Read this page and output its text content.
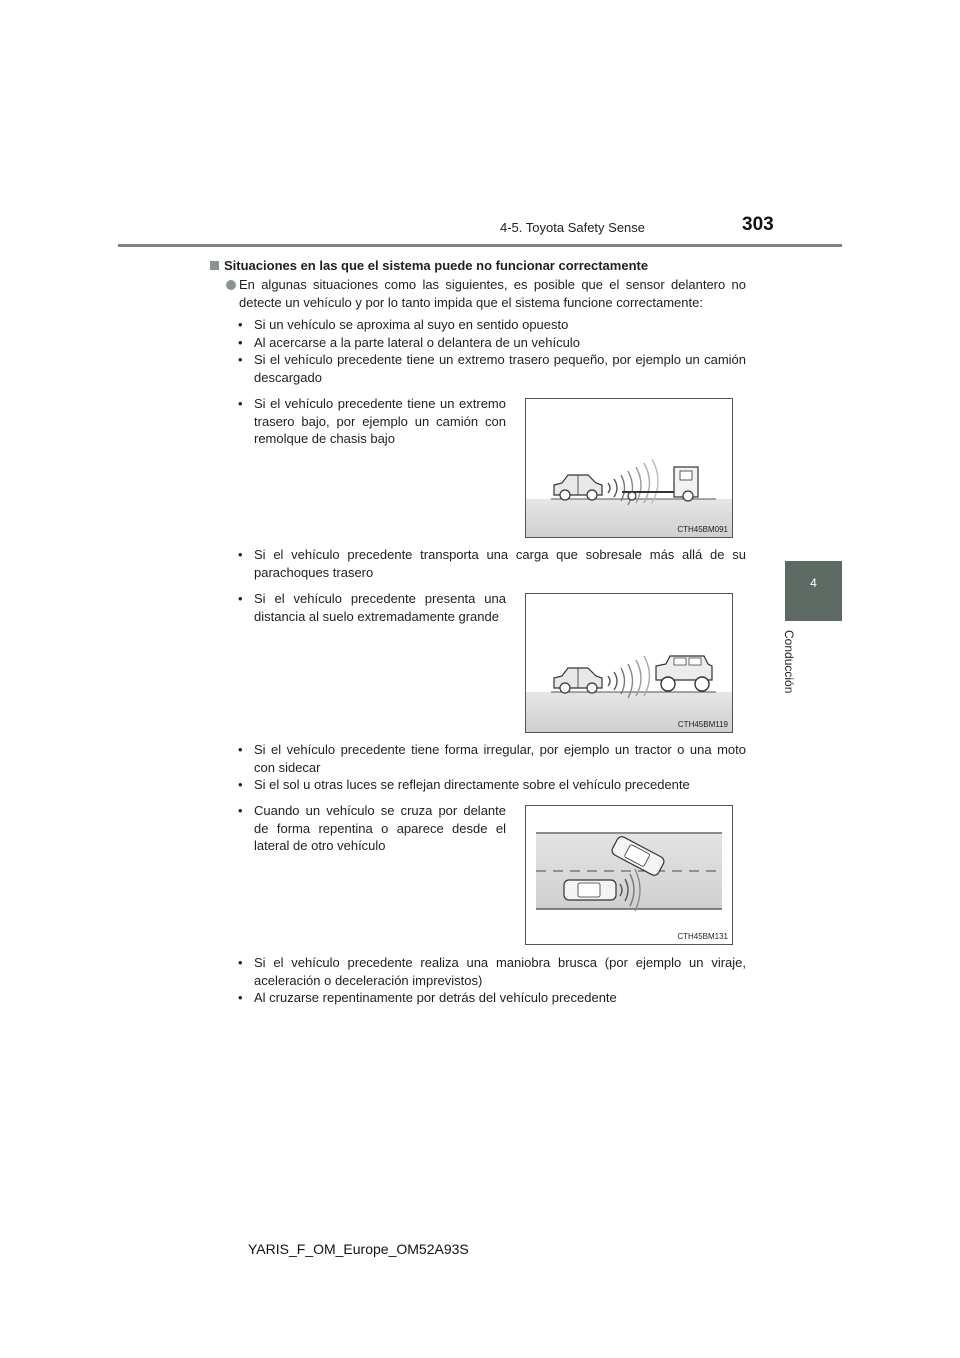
4-5. Toyota Safety Sense	303
4
Conducción
Situaciones en las que el sistema puede no funcionar correctamente
En algunas situaciones como las siguientes, es posible que el sensor delantero no detecte un vehículo y por lo tanto impida que el sistema funcione correctamente:
• Si un vehículo se aproxima al suyo en sentido opuesto
• Al acercarse a la parte lateral o delantera de un vehículo
• Si el vehículo precedente tiene un extremo trasero pequeño, por ejemplo un camión descargado
• Si el vehículo precedente tiene un extremo trasero bajo, por ejemplo un camión con remolque de chasis bajo
CTH45BM091
• Si el vehículo precedente transporta una carga que sobresale más allá de su parachoques trasero
• Si el vehículo precedente presenta una distancia al suelo extremadamente grande
CTH45BM119
• Si el vehículo precedente tiene forma irregular, por ejemplo un tractor o una moto con sidecar
• Si el sol u otras luces se reflejan directamente sobre el vehículo precedente
• Cuando un vehículo se cruza por delante de forma repentina o aparece desde el lateral de otro vehículo
CTH45BM131
• Si el vehículo precedente realiza una maniobra brusca (por ejemplo un viraje, aceleración o deceleración imprevistos)
• Al cruzarse repentinamente por detrás del vehículo precedente
YARIS_F_OM_Europe_OM52A93S
